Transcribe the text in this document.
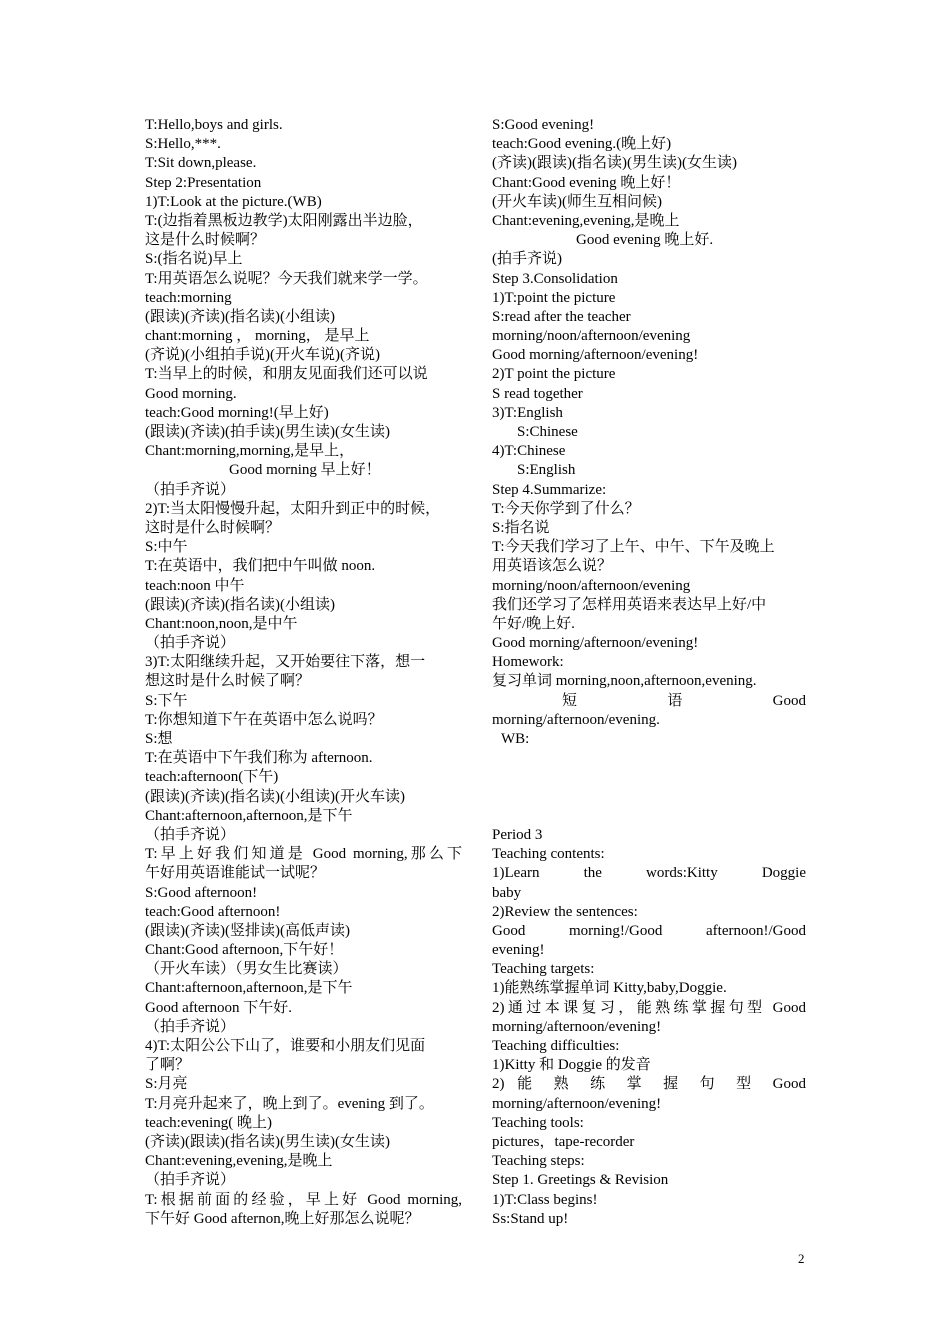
T:Hello,boys and girls.
S:Hello,***.
T:Sit down,please.
Step 2:Presentation
1)T:Look at the picture.(WB)
T:(边指着黑板边教学)太阳刚露出半边脸，
这是什么时候啊？
S:(指名说)早上
T:用英语怎么说呢？今天我们就来学一学。
teach:morning
(跟读)(齐读)(指名读)(小组读)
chant:morning ， morning， 是早上
(齐说)(小组拍手说)(开火车说)(齐说)
T:当早上的时候，和朋友见面我们还可以说
Good morning.
teach:Good morning!(早上好)
(跟读)(齐读)(拍手读)(男生读)(女生读)
Chant:morning,morning,是早上，
Good morning 早上好！
（拍手齐说）
2)T:当太阳慢慢升起，太阳升到正中的时候，
这时是什么时候啊？
S:中午
T:在英语中，我们把中午叫做 noon.
teach:noon 中午
(跟读)(齐读)(指名读)(小组读)
Chant:noon,noon,是中午
（拍手齐说）
3)T:太阳继续升起，又开始要往下落，想一
想这时是什么时候了啊？
S:下午
T:你想知道下午在英语中怎么说吗？
S:想
T:在英语中下午我们称为 afternoon.
teach:afternoon(下午)
(跟读)(齐读)(指名读)(小组读)(开火车读)
Chant:afternoon,afternoon,是下午
（拍手齐说）
T:早上好我们知道是 Good morning,那么下
午好用英语谁能试一试呢？
S:Good afternoon!
teach:Good afternoon!
(跟读)(齐读)(竖排读)(高低声读)
Chant:Good afternoon,下午好！
（开火车读）（男女生比赛读）
Chant:afternoon,afternoon,是下午
Good afternoon 下午好.
（拍手齐说）
4)T:太阳公公下山了，谁要和小朋友们见面
了啊？
S:月亮
T:月亮升起来了，晚上到了。evening 到了。
teach:evening( 晚上)
(齐读)(跟读)(指名读)(男生读)(女生读)
Chant:evening,evening,是晚上
（拍手齐说）
T:根据前面的经验，早上好 Good morning,
下午好 Good afternon,晚上好那怎么说呢？
S:Good evening!
teach:Good evening.(晚上好)
(齐读)(跟读)(指名读)(男生读)(女生读)
Chant:Good evening 晚上好！
(开火车读)(师生互相问候)
Chant:evening,evening,是晚上
Good evening 晚上好.
(拍手齐说)
Step 3.Consolidation
1)T:point the picture
S:read after the teacher
morning/noon/afternoon/evening
Good morning/afternoon/evening!
2)T point the picture
S read together
3)T:English
S:Chinese
4)T:Chinese
S:English
Step 4.Summarize:
T:今天你学到了什么？
S:指名说
T:今天我们学习了上午、中午、下午及晚上
用英语该怎么说？
morning/noon/afternoon/evening
我们还学习了怎样用英语来表达早上好/中
午好/晚上好.
Good morning/afternoon/evening!
Homework:
复习单词 morning,noon,afternoon,evening.
短 语 Good
morning/afternoon/evening.
WB:
Period 3
Teaching contents:
1)Learn the words:Kitty Doggie
baby
2)Review the sentences:
Good morning!/Good afternoon!/Good
evening!
Teaching targets:
1)能熟练掌握单词 Kitty,baby,Doggie.
2)通过本课复习，能熟练掌握句型 Good
morning/afternoon/evening!
Teaching difficulties:
1)Kitty 和 Doggie 的发音
2) 能 熟 练 掌 握 句 型 Good
morning/afternoon/evening!
Teaching tools:
pictures，tape-recorder
Teaching steps:
Step 1. Greetings & Revision
1)T:Class begins!
Ss:Stand up!
2
